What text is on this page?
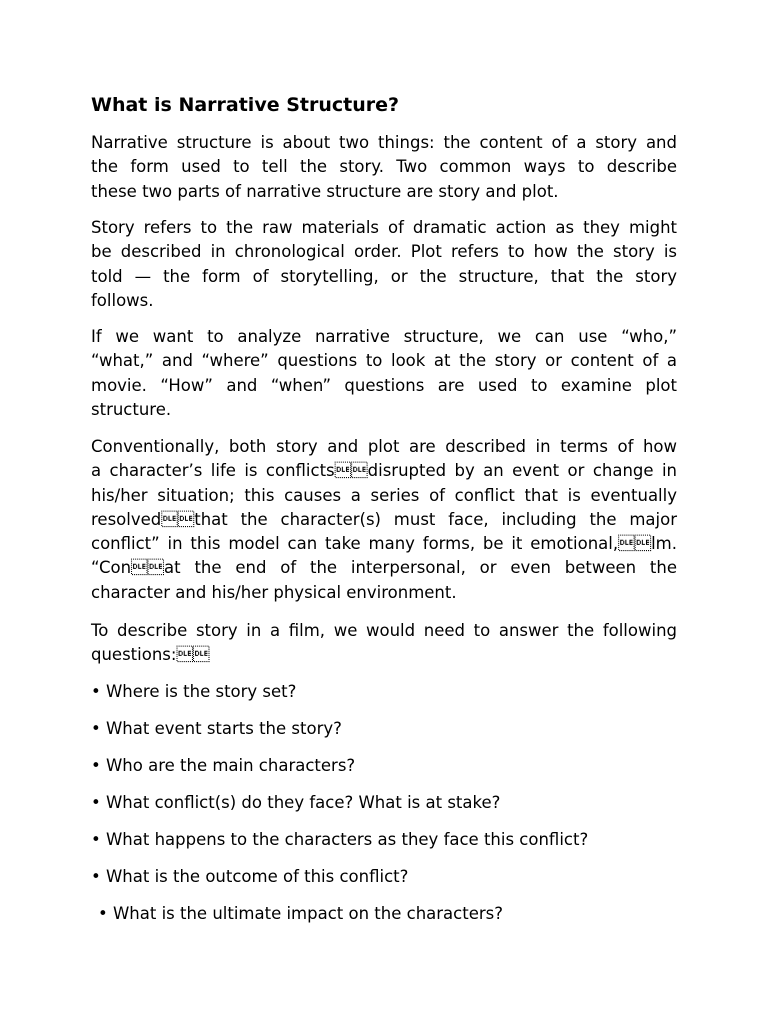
What is Narrative Structure?

Narrative structure is about two things: the content of a story and
the form used to tell the story. Two common ways to describe
these two parts of narrative structure are story and plot.

Story refers to the raw materials of dramatic action as they might
be described in chronological order. Plot refers to how the story is
told — the form of storytelling, or the structure, that the story
follows.

If we want to analyze narrative structure, we can use “who,”
“what,” and “where” questions to look at the story or content of a
movie. “How” and “when” questions are used to examine plot
structure.

Conventionally, both story and plot are described in terms of how
a character’s life is conflictsdisrupted by an event or change in
his/her situation; this causes a series of conflict that is eventually
resolvedthat the character(s) must face, including the major
conflict” in this model can take many forms, be it emotional,lm.
“Conat the end of the interpersonal, or even between the
character and his/her physical environment.

To describe story in a film, we would need to answer the following
questions:

• Where is the story set?

• What event starts the story?

• Who are the main characters?

• What conflict(s) do they face? What is at stake?

• What happens to the characters as they face this conflict?

• What is the outcome of this conflict?

• What is the ultimate impact on the characters?
